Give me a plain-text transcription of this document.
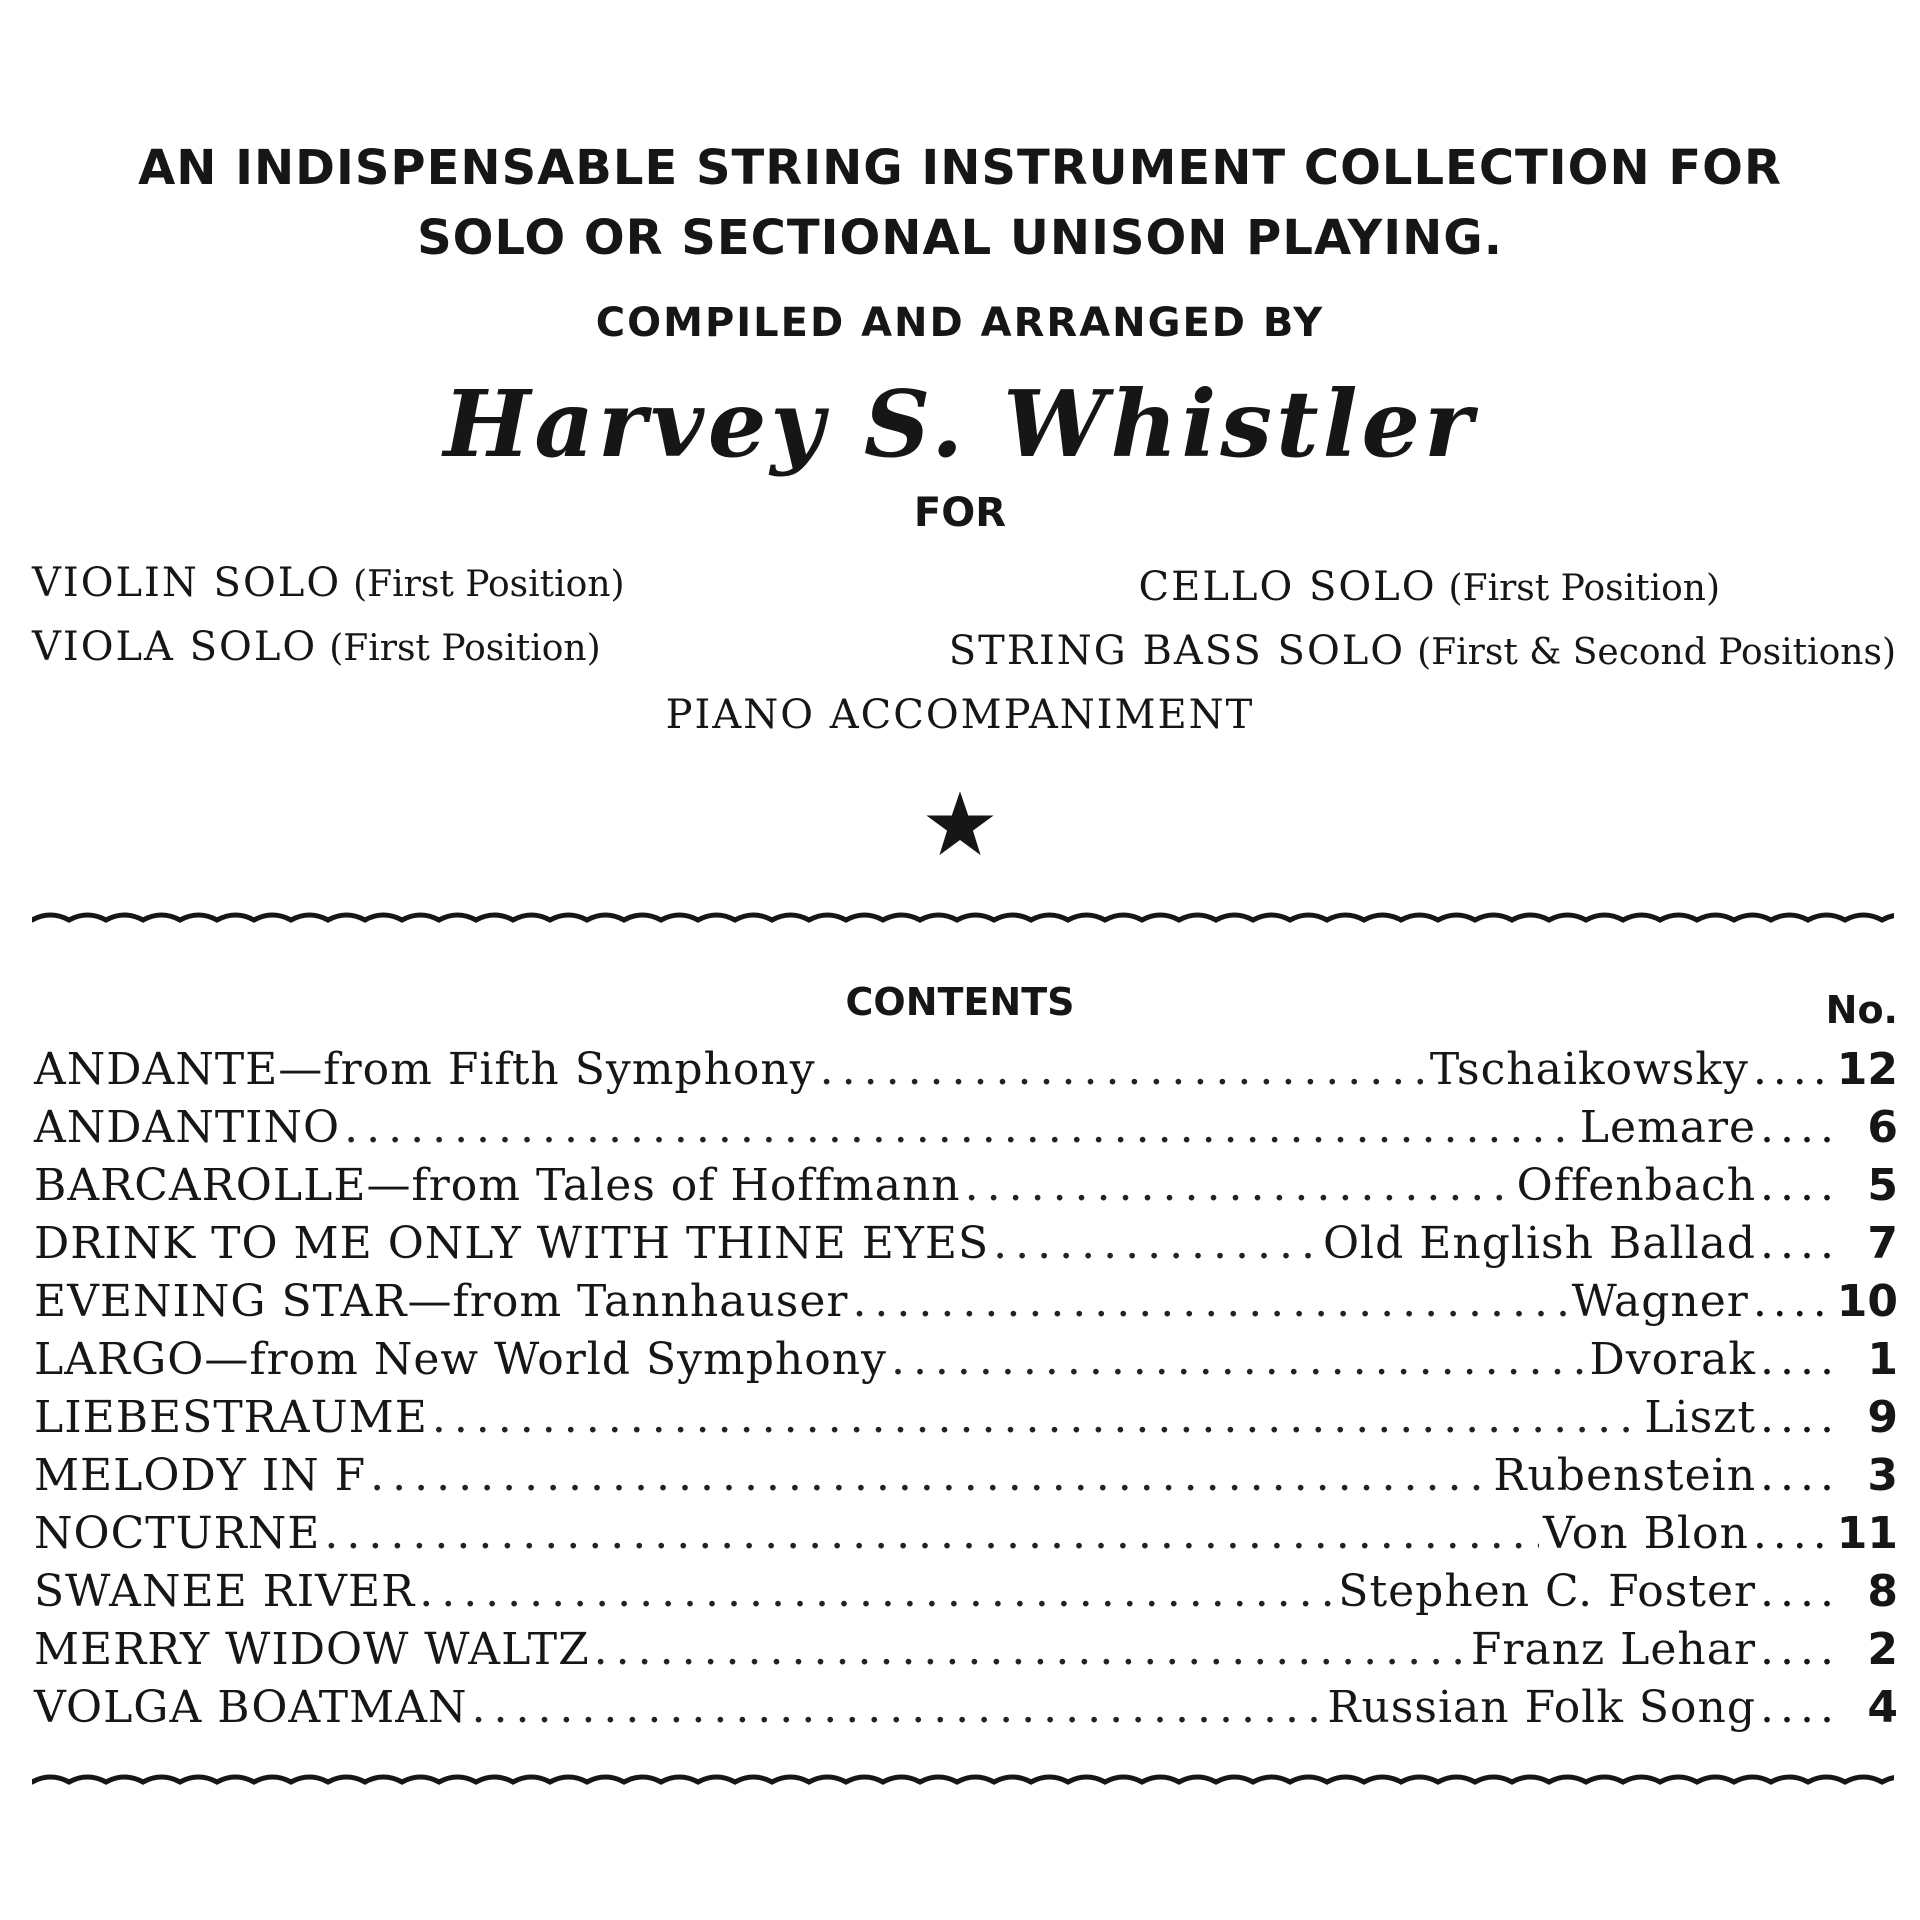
AN INDISPENSABLE STRING INSTRUMENT COLLECTION FOR
SOLO OR SECTIONAL UNISON PLAYING.
COMPILED AND ARRANGED BY
Harvey S. Whistler
FOR
VIOLIN SOLO (First Position)
VIOLA SOLO (First Position)
CELLO SOLO (First Position)
STRING BASS SOLO (First & Second Positions)
PIANO ACCOMPANIMENT
CONTENTS	No.
ANDANTE—from Fifth Symphony .....	Tschaikowsky .... 12
ANDANTINO .....	Lemare ....	6
BARCAROLLE—from Tales of Hoffmann .....	Offenbach ....	5
DRINK TO ME ONLY WITH THINE EYES .....	Old English Ballad ....	7
EVENING STAR—from Tannhauser .....	Wagner .... 10
LARGO—from New World Symphony .....	Dvorak ....	1
LIEBESTRAUME .....	Liszt ....	9
MELODY IN F .....	Rubenstein ....	3
NOCTURNE .....	Von Blon .... 11
SWANEE RIVER .....	Stephen C. Foster ....	8
MERRY WIDOW WALTZ .....	Franz Lehar ....	2
VOLGA BOATMAN .....	Russian Folk Song ....	4
